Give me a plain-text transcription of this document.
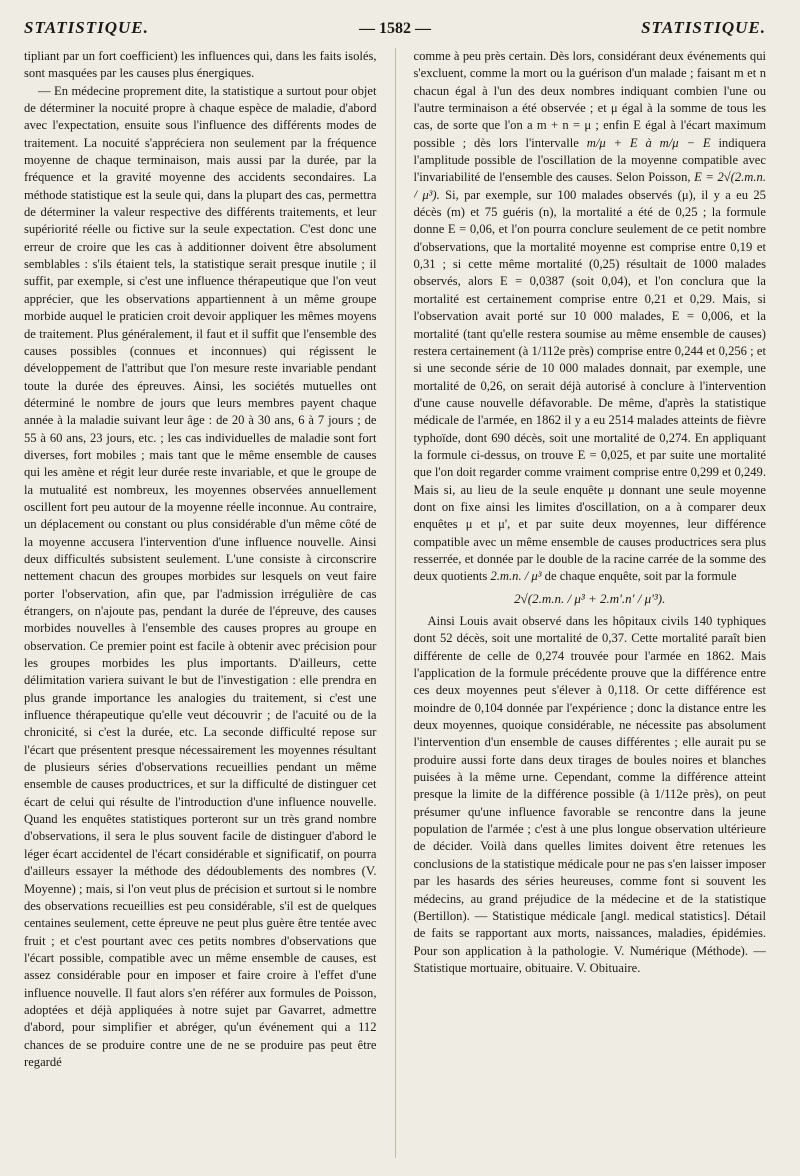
STATISTIQUE.	— 1582 —	STATISTIQUE.

tipliant par un fort coefficient) les influences qui, dans les faits isolés, sont masquées par les causes plus énergiques.

— En médecine proprement dite, la statistique a surtout pour objet de déterminer la nocuité propre à chaque espèce de maladie, d'abord avec l'expectation, ensuite sous l'influence des différents modes de traitement. La nocuité s'appréciera non seulement par la fréquence moyenne de chaque terminaison, mais aussi par la durée, par la fréquence et la gravité moyenne des accidents secondaires. La méthode statistique est la seule qui, dans la plupart des cas, permettra de déterminer la valeur respective des différents traitements, et leur supériorité réelle ou fictive sur la seule expectation. C'est donc une erreur de croire que les cas à additionner doivent être absolument semblables : s'ils étaient tels, la statistique serait presque inutile ; il suffit, par exemple, si c'est une influence thérapeutique que l'on veut apprécier, que les observations appartiennent à un même groupe morbide auquel le praticien croit devoir appliquer les mêmes moyens de traitement. Plus généralement, il faut et il suffit que l'ensemble des causes possibles (connues et inconnues) qui régissent le développement de l'attribut que l'on mesure reste invariable pendant toute la durée des épreuves. Ainsi, les sociétés mutuelles ont déterminé le nombre de jours que leurs membres payent chaque année à la maladie suivant leur âge : de 20 à 30 ans, 6 à 7 jours ; de 55 à 60 ans, 23 jours, etc. ; les cas individuelles de maladie sont fort diverses, fort mobiles ; mais tant que le même ensemble de causes qui les amène et régit leur durée reste invariable, et que le groupe de la mutualité est nombreux, les moyennes observées annuellement oscillent fort peu autour de la moyenne réelle inconnue. Au contraire, un déplacement ou constant ou plus considérable d'un même côté de la moyenne accusera l'intervention d'une influence nouvelle. Ainsi deux difficultés subsistent seulement. L'une consiste à circonscrire nettement chacun des groupes morbides sur lesquels on veut faire porter l'observation, afin que, par l'admission irrégulière de cas étrangers, on n'ajoute pas, pendant la durée de l'épreuve, des causes morbides nouvelles à l'ensemble des causes propres au groupe en observation. Ce premier point est facile à obtenir avec précision pour les groupes morbides les plus importants. D'ailleurs, cette délimitation variera suivant le but de l'investigation : elle prendra en plus grande importance les analogies du traitement, si c'est une influence thérapeutique qu'elle veut découvrir ; de l'acuité ou de la chronicité, si c'est la durée, etc. La seconde difficulté repose sur l'écart que présentent presque nécessairement les moyennes résultant de plusieurs séries d'observations recueillies pendant un même ensemble de causes productrices, et sur la difficulté de distinguer cet écart de celui qui résulte de l'introduction d'une influence nouvelle. Quand les enquêtes statistiques porteront sur un très grand nombre d'observations, il sera le plus souvent facile de distinguer d'abord le léger écart accidentel de l'écart considérable et significatif, on pourra d'ailleurs essayer la méthode des dédoublements des nombres (V. Moyenne) ; mais, si l'on veut plus de précision et surtout si le nombre des observations recueillies est peu considérable, s'il est de quelques centaines seulement, cette épreuve ne peut plus guère être tentée avec fruit ; et c'est pourtant avec ces petits nombres d'observations que l'écart possible, compatible avec un même ensemble de causes, est assez considérable pour en imposer et faire croire à l'effet d'une influence nouvelle. Il faut alors s'en référer aux formules de Poisson, adoptées et déjà appliquées à notre sujet par Gavarret, admettre d'abord, pour simplifier et abréger, qu'un événement qui a 112 chances de se produire contre une de ne se produire pas peut être regardé

comme à peu près certain. Dès lors, considérant deux événements qui s'excluent, comme la mort ou la guérison d'un malade ; faisant m et n chacun égal à l'un des deux nombres indiquant combien l'une ou l'autre terminaison a été observée ; et μ égal à la somme de tous les cas, de sorte que l'on a m + n = μ ; enfin E égal à l'écart maximum possible ; dès lors l'intervalle m/μ + E à m/μ − E indiquera l'amplitude possible de l'oscillation de la moyenne compatible avec l'invariabilité de l'ensemble des causes. Selon Poisson, E = 2√(2.m.n. / μ³). Si, par exemple, sur 100 malades observés (μ), il y a eu 25 décès (m) et 75 guéris (n), la mortalité a été de 0,25 ; la formule donne E = 0,06, et l'on pourra conclure seulement de ce petit nombre d'observations, que la mortalité moyenne est comprise entre 0,19 et 0,31 ; si cette même mortalité (0,25) résultait de 1000 malades observés, alors E = 0,0387 (soit 0,04), et l'on conclura que la mortalité est certainement comprise entre 0,21 et 0,29. Mais, si l'observation avait porté sur 10 000 malades, E = 0,006, et la mortalité (tant qu'elle restera soumise au même ensemble de causes) restera certainement (à 1/112e près) comprise entre 0,244 et 0,256 ; et si une seconde série de 10 000 malades donnait, par exemple, une mortalité de 0,26, on serait déjà autorisé à conclure à l'intervention d'une cause nouvelle défavorable. De même, d'après la statistique médicale de l'armée, en 1862 il y a eu 2514 malades atteints de fièvre typhoïde, dont 690 décès, soit une mortalité de 0,274. En appliquant la formule ci-dessus, on trouve E = 0,025, et par suite une mortalité que l'on doit regarder comme vraiment comprise entre 0,299 et 0,249. Mais si, au lieu de la seule enquête μ donnant une seule moyenne dont on fixe ainsi les limites d'oscillation, on a à comparer deux enquêtes μ et μ', et par suite deux moyennes, leur différence compatible avec un même ensemble de causes productrices sera plus resserrée, et donnée par le double de la racine carrée de la somme des deux quotients 2.m.n. / μ³ de chaque enquête, soit par la formule

2√(2.m.n. / μ³ + 2.m'.n' / μ'³).

Ainsi Louis avait observé dans les hôpitaux civils 140 typhiques dont 52 décès, soit une mortalité de 0,37. Cette mortalité paraît bien différente de celle de 0,274 trouvée pour l'armée en 1862. Mais l'application de la formule précédente prouve que la différence entre ces deux moyennes peut s'élever à 0,118. Or cette différence est moindre de 0,104 donnée par l'expérience ; donc la distance entre les deux moyennes, quoique considérable, ne nécessite pas absolument l'intervention d'un ensemble de causes différentes ; elle aurait pu se produire aussi forte dans deux tirages de boules noires et blanches puisées à la même urne. Cependant, comme la différence atteint presque la limite de la différence possible (à 1/112e près), on peut présumer qu'une influence favorable se rencontre dans la jeune population de l'armée ; c'est à une plus longue observation ultérieure de décider. Voilà dans quelles limites doivent être retenues les conclusions de la statistique médicale pour ne pas s'en laisser imposer par les hasards des séries heureuses, comme font si souvent les médecins, au grand préjudice de la médecine et de la statistique (Bertillon). — Statistique médicale [angl. medical statistics]. Détail de faits se rapportant aux morts, naissances, maladies, épidémies. Pour son application à la pathologie. V. Numérique (Méthode). — Statistique mortuaire, obituaire. V. Obituaire.
